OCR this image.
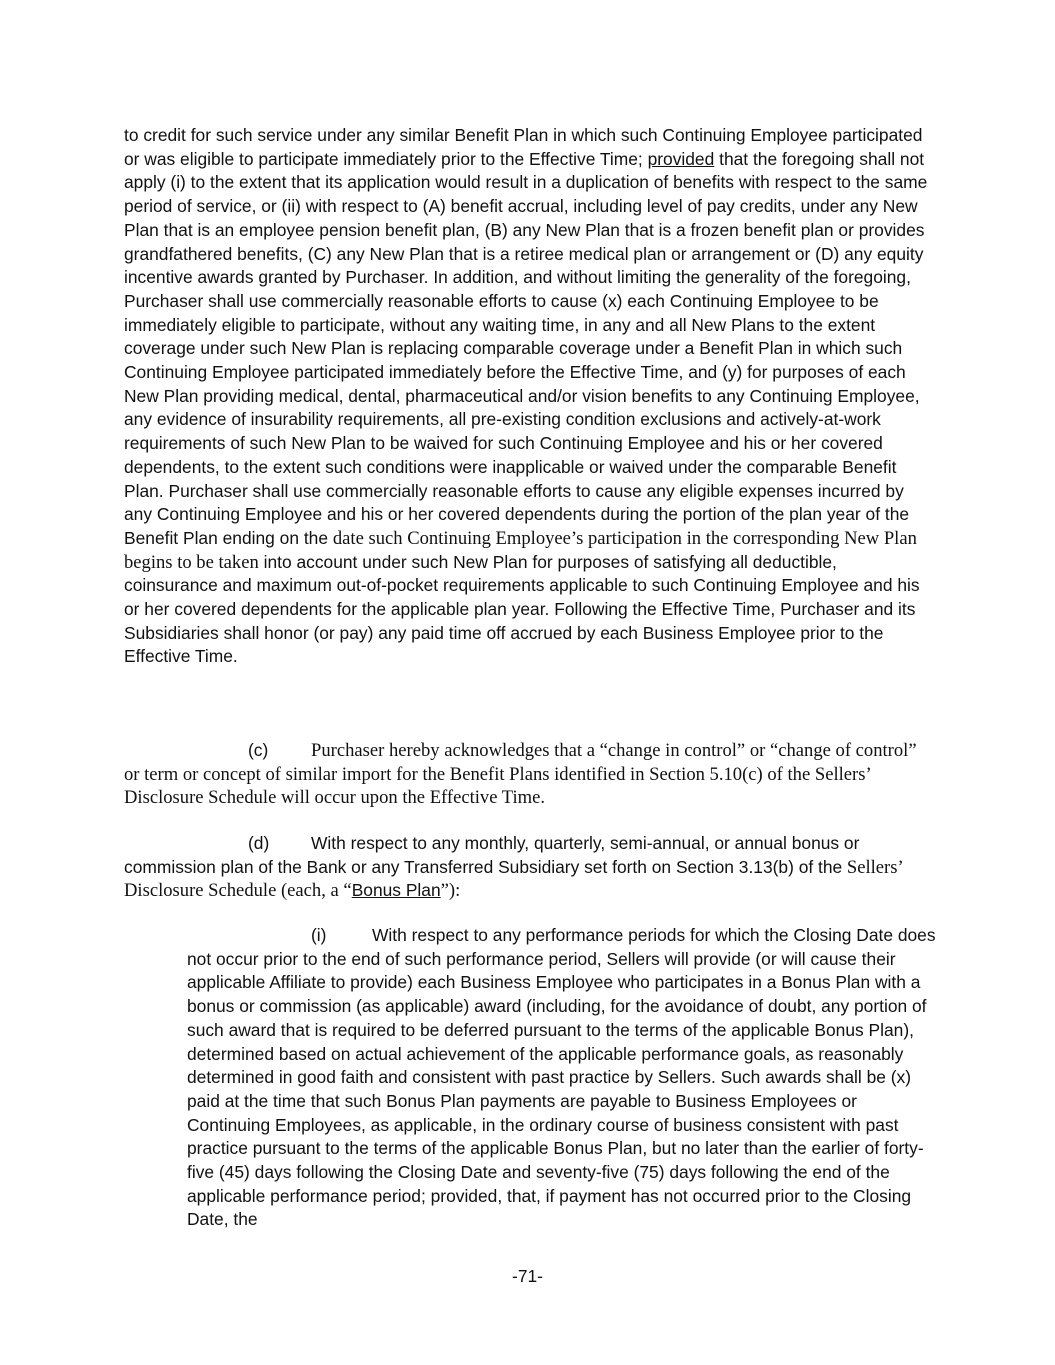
to credit for such service under any similar Benefit Plan in which such Continuing Employee participated or was eligible to participate immediately prior to the Effective Time; provided that the foregoing shall not apply (i) to the extent that its application would result in a duplication of benefits with respect to the same period of service, or (ii) with respect to (A) benefit accrual, including level of pay credits, under any New Plan that is an employee pension benefit plan, (B) any New Plan that is a frozen benefit plan or provides grandfathered benefits, (C) any New Plan that is a retiree medical plan or arrangement or (D) any equity incentive awards granted by Purchaser. In addition, and without limiting the generality of the foregoing, Purchaser shall use commercially reasonable efforts to cause (x) each Continuing Employee to be immediately eligible to participate, without any waiting time, in any and all New Plans to the extent coverage under such New Plan is replacing comparable coverage under a Benefit Plan in which such Continuing Employee participated immediately before the Effective Time, and (y) for purposes of each New Plan providing medical, dental, pharmaceutical and/or vision benefits to any Continuing Employee, any evidence of insurability requirements, all pre-existing condition exclusions and actively-at-work requirements of such New Plan to be waived for such Continuing Employee and his or her covered dependents, to the extent such conditions were inapplicable or waived under the comparable Benefit Plan. Purchaser shall use commercially reasonable efforts to cause any eligible expenses incurred by any Continuing Employee and his or her covered dependents during the portion of the plan year of the Benefit Plan ending on the date such Continuing Employee’s participation in the corresponding New Plan begins to be taken into account under such New Plan for purposes of satisfying all deductible, coinsurance and maximum out-of-pocket requirements applicable to such Continuing Employee and his or her covered dependents for the applicable plan year. Following the Effective Time, Purchaser and its Subsidiaries shall honor (or pay) any paid time off accrued by each Business Employee prior to the Effective Time.

(c) Purchaser hereby acknowledges that a “change in control” or “change of control” or term or concept of similar import for the Benefit Plans identified in Section 5.10(c) of the Sellers’ Disclosure Schedule will occur upon the Effective Time.

(d) With respect to any monthly, quarterly, semi-annual, or annual bonus or commission plan of the Bank or any Transferred Subsidiary set forth on Section 3.13(b) of the Sellers’ Disclosure Schedule (each, a “Bonus Plan”):

(i)	With respect to any performance periods for which the Closing Date does not occur prior to the end of such performance period, Sellers will provide (or will cause their applicable Affiliate to provide) each Business Employee who participates in a Bonus Plan with a bonus or commission (as applicable) award (including, for the avoidance of doubt, any portion of such award that is required to be deferred pursuant to the terms of the applicable Bonus Plan), determined based on actual achievement of the applicable performance goals, as reasonably determined in good faith and consistent with past practice by Sellers. Such awards shall be (x) paid at the time that such Bonus Plan payments are payable to Business Employees or Continuing Employees, as applicable, in the ordinary course of business consistent with past practice pursuant to the terms of the applicable Bonus Plan, but no later than the earlier of forty-five (45) days following the Closing Date and seventy-five (75) days following the end of the applicable performance period; provided, that, if payment has not occurred prior to the Closing Date, the

-71-
